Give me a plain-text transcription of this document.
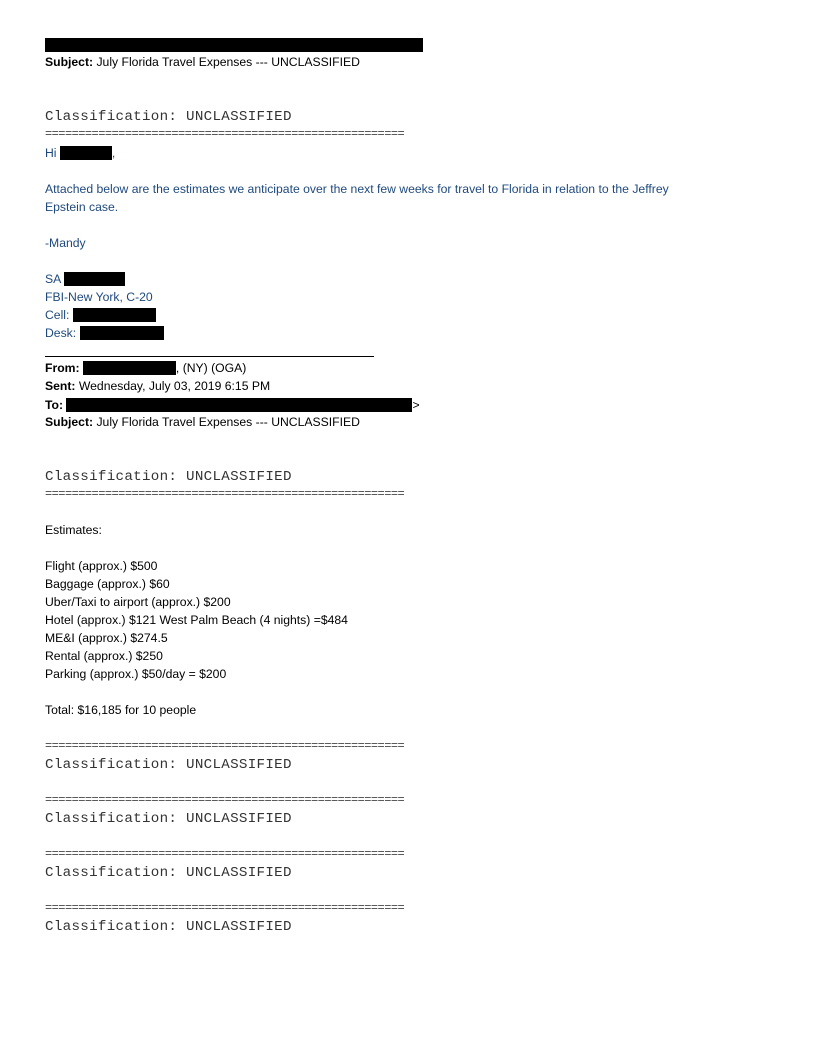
Subject: July Florida Travel Expenses --- UNCLASSIFIED
Classification: UNCLASSIFIED
======================================================
Hi	,
Attached below are the estimates we anticipate over the next few weeks for travel to Florida in relation to the Jeffrey
Epstein case.
-Mandy
SA
FBI-New York, C-20
Cell:
Desk:
From:	, (NY) (OGA)
Sent: Wednesday, July 03, 2019 6:15 PM
To:	>
Subject: July Florida Travel Expenses --- UNCLASSIFIED
Classification: UNCLASSIFIED
======================================================
Estimates:
Flight (approx.) $500
Baggage (approx.) $60
Uber/Taxi to airport (approx.) $200
Hotel (approx.) $121 West Palm Beach (4 nights) =$484
ME&I (approx.) $274.5
Rental (approx.) $250
Parking (approx.) $50/day = $200
Total: $16,185 for 10 people
======================================================
Classification: UNCLASSIFIED
======================================================
Classification: UNCLASSIFIED
======================================================
Classification: UNCLASSIFIED
======================================================
Classification: UNCLASSIFIED
